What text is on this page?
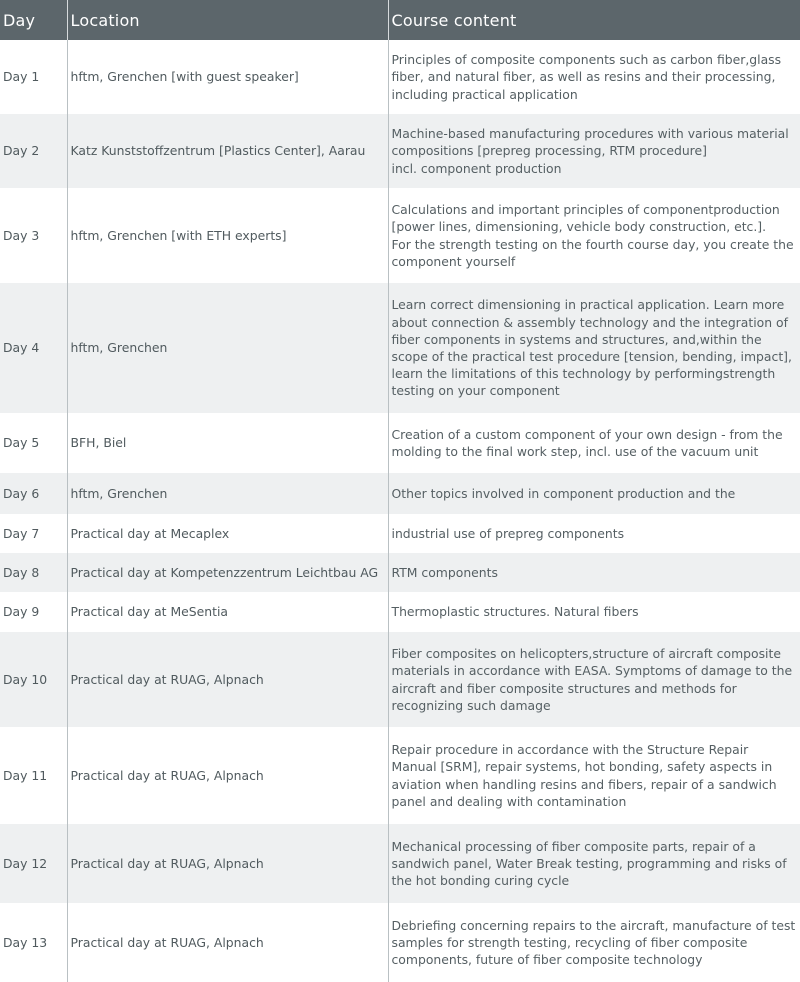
Day	Location	Course content
Day 1	hftm, Grenchen [with guest speaker]	Principles of composite components such as carbon fiber,glass fiber, and natural fiber, as well as resins and their processing, including practical application
Day 2	Katz Kunststoffzentrum [Plastics Center], Aarau	Machine-based manufacturing procedures with various material compositions [prepreg processing, RTM procedure]
incl. component production
Day 3	hftm, Grenchen [with ETH experts]	Calculations and important principles of componentproduction [power lines, dimensioning, vehicle body construction, etc.].
For the strength testing on the fourth course day, you create the component yourself
Day 4	hftm, Grenchen	Learn correct dimensioning in practical application. Learn more about connection & assembly technology and the integration of fiber components in systems and structures, and,within the scope of the practical test procedure [tension, bending, impact], learn the limitations of this technology by performingstrength testing on your component
Day 5	BFH, Biel	Creation of a custom component of your own design - from the molding to the final work step, incl. use of the vacuum unit
Day 6	hftm, Grenchen	Other topics involved in component production and the
Day 7	Practical day at Mecaplex	industrial use of prepreg components
Day 8	Practical day at Kompetenzzentrum Leichtbau AG	RTM components
Day 9	Practical day at MeSentia	Thermoplastic structures. Natural fibers
Day 10	Practical day at RUAG, Alpnach	Fiber composites on helicopters,structure of aircraft composite materials in accordance with EASA. Symptoms of damage to the aircraft and fiber composite structures and methods for recognizing such damage
Day 11	Practical day at RUAG, Alpnach	Repair procedure in accordance with the Structure Repair Manual [SRM], repair systems, hot bonding, safety aspects in aviation when handling resins and fibers, repair of a sandwich panel and dealing with contamination
Day 12	Practical day at RUAG, Alpnach	Mechanical processing of fiber composite parts, repair of a sandwich panel, Water Break testing, programming and risks of the hot bonding curing cycle
Day 13	Practical day at RUAG, Alpnach	Debriefing concerning repairs to the aircraft, manufacture of test samples for strength testing, recycling of fiber composite components, future of fiber composite technology
